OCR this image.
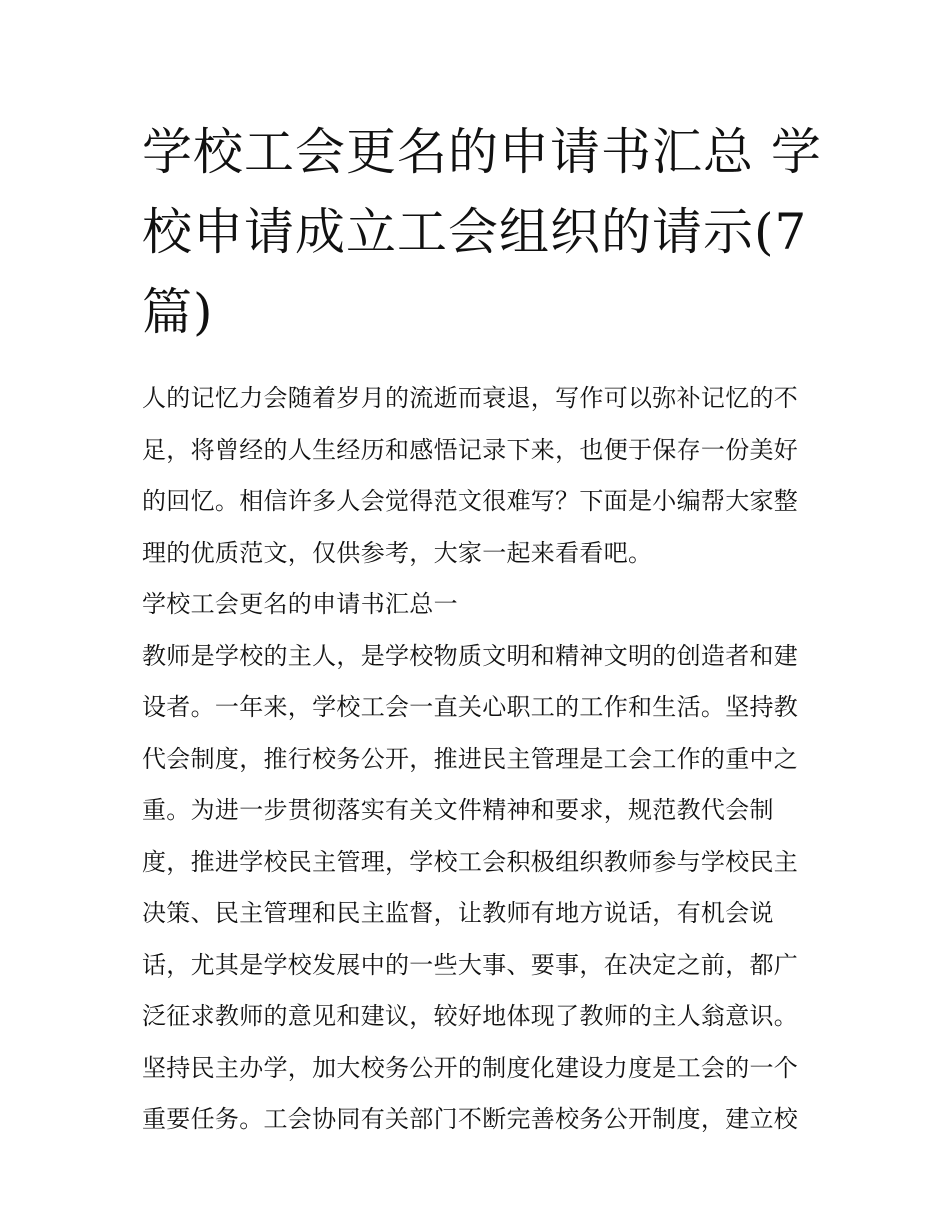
学校工会更名的申请书汇总 学
校申请成立工会组织的请示(7
篇)
人的记忆力会随着岁月的流逝而衰退，写作可以弥补记忆的不
足，将曾经的人生经历和感悟记录下来，也便于保存一份美好
的回忆。相信许多人会觉得范文很难写？下面是小编帮大家整
理的优质范文，仅供参考，大家一起来看看吧。
学校工会更名的申请书汇总一
教师是学校的主人，是学校物质文明和精神文明的创造者和建
设者。一年来，学校工会一直关心职工的工作和生活。坚持教
代会制度，推行校务公开，推进民主管理是工会工作的重中之
重。为进一步贯彻落实有关文件精神和要求，规范教代会制
度，推进学校民主管理，学校工会积极组织教师参与学校民主
决策、民主管理和民主监督，让教师有地方说话，有机会说
话，尤其是学校发展中的一些大事、要事，在决定之前，都广
泛征求教师的意见和建议，较好地体现了教师的主人翁意识。
坚持民主办学，加大校务公开的制度化建设力度是工会的一个
重要任务。工会协同有关部门不断完善校务公开制度，建立校
